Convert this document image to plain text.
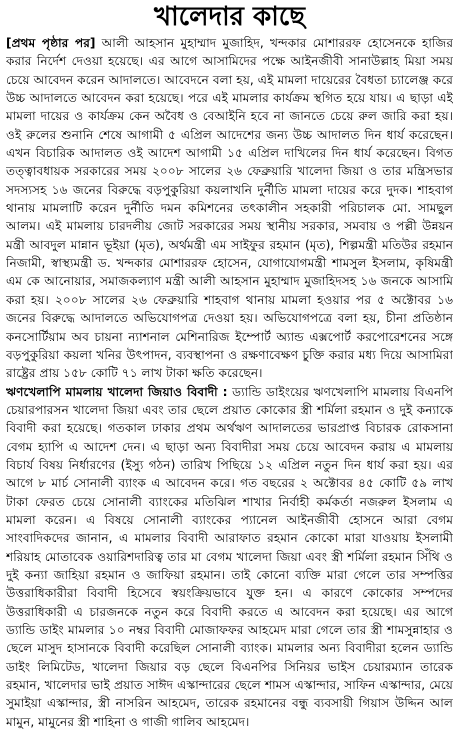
খালেদার কাছে

[প্রথম পৃষ্ঠার পর] আলী আহসান মুহাম্মাদ মুজাহিদ, খন্দকার মোশাররফ হোসেনকে হাজির করার নির্দেশ দেওয়া হয়েছে। এর আগে আসামিদের পক্ষে আইনজীবী সানাউল্লাহ মিয়া সময় চেয়ে আবেদন করেন আদালতে। আবেদনে বলা হয়, এই মামলা দায়েরের বৈধতা চ্যালেঞ্জ করে উচ্চ আদালতে আবেদন করা হয়েছে। পরে এই মামলার কার্যক্রম স্থগিত হয়ে যায়। এ ছাড়া এই মামলা দায়ের ও কার্যক্রম কেন অবৈধ ও বেআইনি হবে না জানতে চেয়ে রুল জারি করা হয়। ওই রুলের শুনানি শেষে আগামী ৫ এপ্রিল আদেশের জন্য উচ্চ আদালত দিন ধার্য করেছেন। এখন বিচারিক আদালত ওই আদেশ আগামী ১৫ এপ্রিল দাখিলের দিন ধার্য করেছেন। বিগত তত্ত্বাবধায়ক সরকারের সময় ২০০৮ সালের ২৬ ফেব্রুয়ারি খালেদা জিয়া ও তার মন্ত্রিসভার সদস্যসহ ১৬ জনের বিরুদ্ধে বড়পুকুরিয়া কয়লাখনি দুর্নীতি মামলা দায়ের করে দুদক। শাহবাগ থানায় মামলাটি করেন দুর্নীতি দমন কমিশনের তৎকালীন সহকারী পরিচালক মো. সামছুল আলম। এই মামলায় চারদলীয় জোট সরকারের সময় স্থানীয় সরকার, সমবায় ও পল্লী উন্নয়ন মন্ত্রী আবদুল মান্নান ভূইয়া (মৃত), অর্থমন্ত্রী এম সাইফুর রহমান (মৃত), শিল্পমন্ত্রী মতিউর রহমান নিজামী, স্বাস্থ্যমন্ত্রী ড. খন্দকার মোশাররফ হোসেন, যোগাযোগমন্ত্রী শামসুল ইসলাম, কৃষিমন্ত্রী এম কে আনোয়ার, সমাজকল্যাণ মন্ত্রী আলী আহসান মুহাম্মাদ মুজাহিদসহ ১৬ জনকে আসামি করা হয়। ২০০৮ সালের ২৬ ফেব্রুয়ারি শাহবাগ থানায় মামলা হওয়ার পর ৫ অক্টোবর ১৬ জনের বিরুদ্ধে আদালতে অভিযোগপত্র দেওয়া হয়। অভিযোগপত্রে বলা হয়, চীনা প্রতিষ্ঠান কনসোর্টিয়াম অব চায়না ন্যাশনাল মেশিনারিজ ইম্পোর্ট অ্যান্ড এক্সপোর্ট করপোরেশনের সঙ্গে বড়পুকুরিয়া কয়লা খনির উৎপাদন, ব্যবস্থাপনা ও রক্ষণাবেক্ষণ চুক্তি করার মধ্য দিয়ে আসামিরা রাষ্ট্রের প্রায় ১৫৮ কোটি ৭১ লাখ টাকা ক্ষতি করেছেন।

ঋণখেলাপি মামলায় খালেদা জিয়াও বিবাদী : ড্যান্ডি ডাইংয়ের ঋণখেলাপি মামলায় বিএনপি চেয়ারপারসন খালেদা জিয়া এবং তার ছেলে প্রয়াত কোকোর স্ত্রী শর্মিলা রহমান ও দুই কন্যাকে বিবাদী করা হয়েছে। গতকাল ঢাকার প্রথম অর্থঋণ আদালতের ভারপ্রাপ্ত বিচারক রোকসানা বেগম হ্যাপি এ আদেশ দেন। এ ছাড়া অন্য বিবাদীরা সময় চেয়ে আবেদন করায় এ মামলায় বিচার্য বিষয় নির্ধারণের (ইস্যু গঠন) তারিখ পিছিয়ে ১২ এপ্রিল নতুন দিন ধার্য করা হয়। এর আগে ৮ মার্চ সোনালী ব্যাংক এ আবেদন করে। গত বছরের ২ অক্টোবর ৪৫ কোটি ৫৯ লাখ টাকা ফেরত চেয়ে সোনালী ব্যাংকের মতিঝিল শাখার নির্বাহী কর্মকর্তা নজরুল ইসলাম এ মামলা করেন। এ বিষয়ে সোনালী ব্যাংকের প্যানেল আইনজীবী হোসনে আরা বেগম সাংবাদিকদের জানান, এ মামলার বিবাদী আরাফাত রহমান কোকো মারা যাওয়ায় ইসলামী শরিয়াহ মোতাবেক ওয়ারিশদারিত্ব তার মা বেগম খালেদা জিয়া এবং স্ত্রী শর্মিলা রহমান সিঁথি ও দুই কন্যা জাহিয়া রহমান ও জাফিয়া রহমান। তাই কোনো ব্যক্তি মারা গেলে তার সম্পত্তির উত্তরাধিকারীরা বিবাদী হিসেবে স্বয়ংক্রিয়ভাবে যুক্ত হন। এ কারণে কোকোর সম্পদের উত্তরাধিকারী এ চারজনকে নতুন করে বিবাদী করতে এ আবেদন করা হয়েছে। এর আগে ড্যান্ডি ডাইং মামলার ১০ নম্বর বিবাদী মোজাফফর আহমেদ মারা গেলে তার স্ত্রী শামসুন্নাহার ও ছেলে মাসুদ হাসানকে বিবাদী করেছিল সোনালী ব্যাংক। মামলার অন্য বিবাদীরা হলেন ড্যান্ডি ডাইং লিমিটেড, খালেদা জিয়ার বড় ছেলে বিএনপির সিনিয়র ভাইস চেয়ারম্যান তারেক রহমান, খালেদার ভাই প্রয়াত সাঈদ এস্কান্দারের ছেলে শামস এস্কান্দার, সাফিন এস্কান্দার, মেয়ে সুমাইয়া এস্কান্দার, স্ত্রী নাসরিন আহমেদ, তারেক রহমানের বন্ধু ব্যবসায়ী গিয়াস উদ্দিন আল মামুন, মামুনের স্ত্রী শাহিনা ও গাজী গালিব আহমেদ।
